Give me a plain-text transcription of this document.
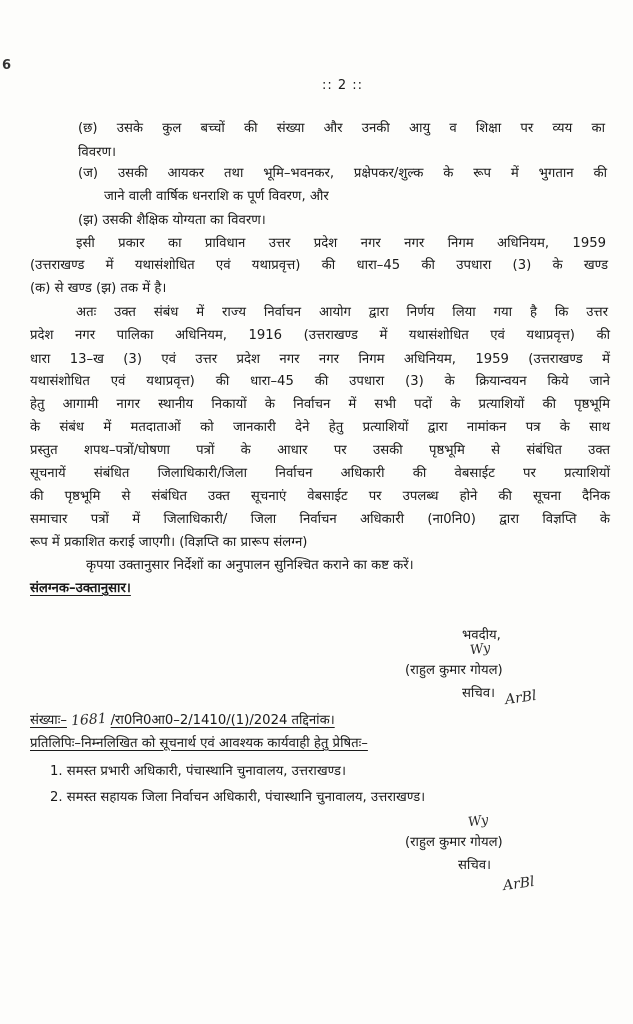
6
:: 2 ::
(छ) उसके कुल बच्चों की संख्या और उनकी आयु व शिक्षा पर व्यय का
विवरण।
(ज) उसकी आयकर तथा भूमि–भवनकर, प्रक्षेपकर/शुल्क के रूप में भुगतान की
जाने वाली वार्षिक धनराशि क पूर्ण विवरण, और
(झ) उसकी शैक्षिक योग्यता का विवरण।
इसी प्रकार का प्राविधान उत्तर प्रदेश नगर नगर निगम अधिनियम, 1959
(उत्तराखण्ड में यथासंशोधित एवं यथाप्रवृत्त) की धारा–45 की उपधारा (3) के खण्ड
(क) से खण्ड (झ) तक में है।
अतः उक्त संबंध में राज्य निर्वाचन आयोग द्वारा निर्णय लिया गया है कि उत्तर
प्रदेश नगर पालिका अधिनियम, 1916 (उत्तराखण्ड में यथासंशोधित एवं यथाप्रवृत्त) की
धारा 13–ख (3) एवं उत्तर प्रदेश नगर नगर निगम अधिनियम, 1959 (उत्तराखण्ड में
यथासंशोधित एवं यथाप्रवृत्त) की धारा–45 की उपधारा (3) के क्रियान्वयन किये जाने
हेतु आगामी नागर स्थानीय निकायों के निर्वाचन में सभी पदों के प्रत्याशियों की पृष्ठभूमि
के संबंध में मतदाताओं को जानकारी देने हेतु प्रत्याशियों द्वारा नामांकन पत्र के साथ
प्रस्तुत शपथ–पत्रों/घोषणा पत्रों के आधार पर उसकी पृष्ठभूमि से संबंधित उक्त
सूचनायें संबंधित जिलाधिकारी/जिला निर्वाचन अधिकारी की वेबसाईट पर प्रत्याशियों
की पृष्ठभूमि से संबंधित उक्त सूचनाएं वेबसाईट पर उपलब्ध होने की सूचना दैनिक
समाचार पत्रों में जिलाधिकारी/ जिला निर्वाचन अधिकारी (ना0नि0) द्वारा विज्ञप्ति के
रूप में प्रकाशित कराई जाएगी। (विज्ञप्ति का प्रारूप संलग्न)
कृपया उक्तानुसार निर्देशों का अनुपालन सुनिश्चित कराने का कष्ट करें।
संलग्नक–उक्तानुसार।
भवदीय,
Wy
(राहुल कुमार गोयल)
सचिव। ArBl
संख्याः– 1681 /रा0नि0आ0–2/1410/(1)/2024 तद्दिनांक।
प्रतिलिपिः–निम्नलिखित को सूचनार्थ एवं आवश्यक कार्यवाही हेतु प्रेषितः–
1. समस्त प्रभारी अधिकारी, पंचास्थानि चुनावालय, उत्तराखण्ड।
2. समस्त सहायक जिला निर्वाचन अधिकारी, पंचास्थानि चुनावालय, उत्तराखण्ड।
Wy
(राहुल कुमार गोयल)
सचिव।
ArBl
